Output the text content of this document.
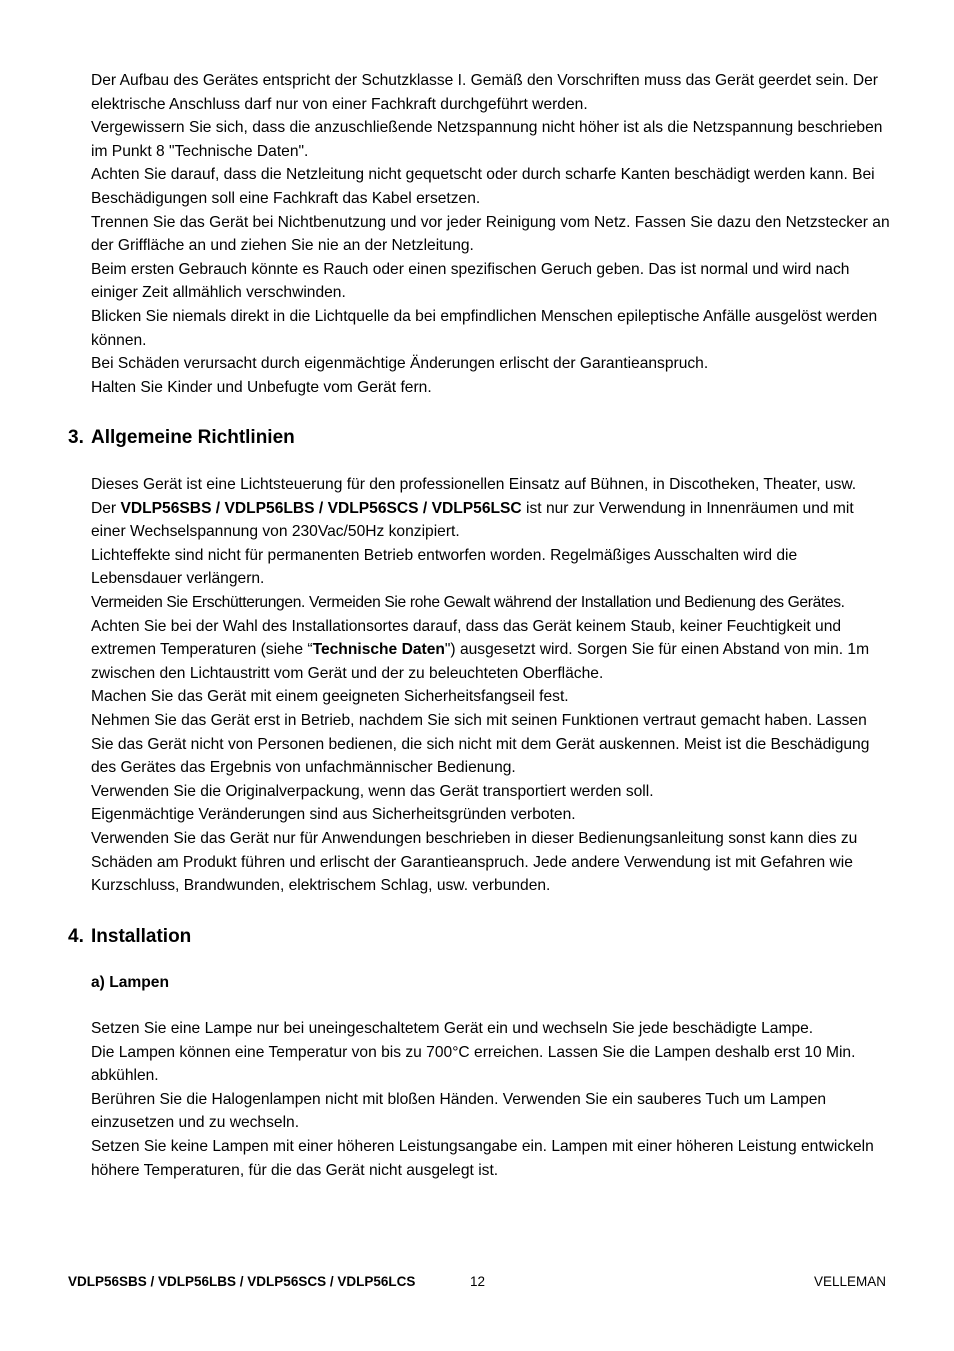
Der Aufbau des Gerätes entspricht der Schutzklasse I. Gemäß den Vorschriften muss das Gerät geerdet sein. Der elektrische Anschluss darf nur von einer Fachkraft durchgeführt werden.

Vergewissern Sie sich, dass die anzuschließende Netzspannung nicht höher ist als die Netzspannung beschrieben im Punkt 8 "Technische Daten".

Achten Sie darauf, dass die Netzleitung nicht gequetscht oder durch scharfe Kanten beschädigt werden kann. Bei Beschädigungen soll eine Fachkraft das Kabel ersetzen.

Trennen Sie das Gerät bei Nichtbenutzung und vor jeder Reinigung vom Netz. Fassen Sie dazu den Netzstecker an der Griffläche an und ziehen Sie nie an der Netzleitung.

Beim ersten Gebrauch könnte es Rauch oder einen spezifischen Geruch geben. Das ist normal und wird nach einiger Zeit allmählich verschwinden.

Blicken Sie niemals direkt in die Lichtquelle da bei empfindlichen Menschen epileptische Anfälle ausgelöst werden können.

Bei Schäden verursacht durch eigenmächtige Änderungen erlischt der Garantieanspruch.

Halten Sie Kinder und Unbefugte vom Gerät fern.

3. Allgemeine Richtlinien

Dieses Gerät ist eine Lichtsteuerung für den professionellen Einsatz auf Bühnen, in Discotheken, Theater, usw.

Der VDLP56SBS / VDLP56LBS / VDLP56SCS / VDLP56LSC ist nur zur Verwendung in Innenräumen und mit einer Wechselspannung von 230Vac/50Hz konzipiert.

Lichteffekte sind nicht für permanenten Betrieb entworfen worden. Regelmäßiges Ausschalten wird die Lebensdauer verlängern.

Vermeiden Sie Erschütterungen. Vermeiden Sie rohe Gewalt während der Installation und Bedienung des Gerätes.

Achten Sie bei der Wahl des Installationsortes darauf, dass das Gerät keinem Staub, keiner Feuchtigkeit und extremen Temperaturen (siehe “Technische Daten") ausgesetzt wird. Sorgen Sie für einen Abstand von min. 1m zwischen den Lichtaustritt vom Gerät und der zu beleuchteten Oberfläche.

Machen Sie das Gerät mit einem geeigneten Sicherheitsfangseil fest.

Nehmen Sie das Gerät erst in Betrieb, nachdem Sie sich mit seinen Funktionen vertraut gemacht haben. Lassen Sie das Gerät nicht von Personen bedienen, die sich nicht mit dem Gerät auskennen. Meist ist die Beschädigung des Gerätes das Ergebnis von unfachmännischer Bedienung.

Verwenden Sie die Originalverpackung, wenn das Gerät transportiert werden soll.

Eigenmächtige Veränderungen sind aus Sicherheitsgründen verboten.

Verwenden Sie das Gerät nur für Anwendungen beschrieben in dieser Bedienungsanleitung sonst kann dies zu Schäden am Produkt führen und erlischt der Garantieanspruch. Jede andere Verwendung ist mit Gefahren wie Kurzschluss, Brandwunden, elektrischem Schlag, usw. verbunden.

4. Installation
a) Lampen

Setzen Sie eine Lampe nur bei uneingeschaltetem Gerät ein und wechseln Sie jede beschädigte Lampe.

Die Lampen können eine Temperatur von bis zu 700°C erreichen. Lassen Sie die Lampen deshalb erst 10 Min. abkühlen.

Berühren Sie die Halogenlampen nicht mit bloßen Händen. Verwenden Sie ein sauberes Tuch um Lampen einzusetzen und zu wechseln.

Setzen Sie keine Lampen mit einer höheren Leistungsangabe ein. Lampen mit einer höheren Leistung entwickeln höhere Temperaturen, für die das Gerät nicht ausgelegt ist.

VDLP56SBS / VDLP56LBS / VDLP56SCS / VDLP56LCS	12	VELLEMAN
